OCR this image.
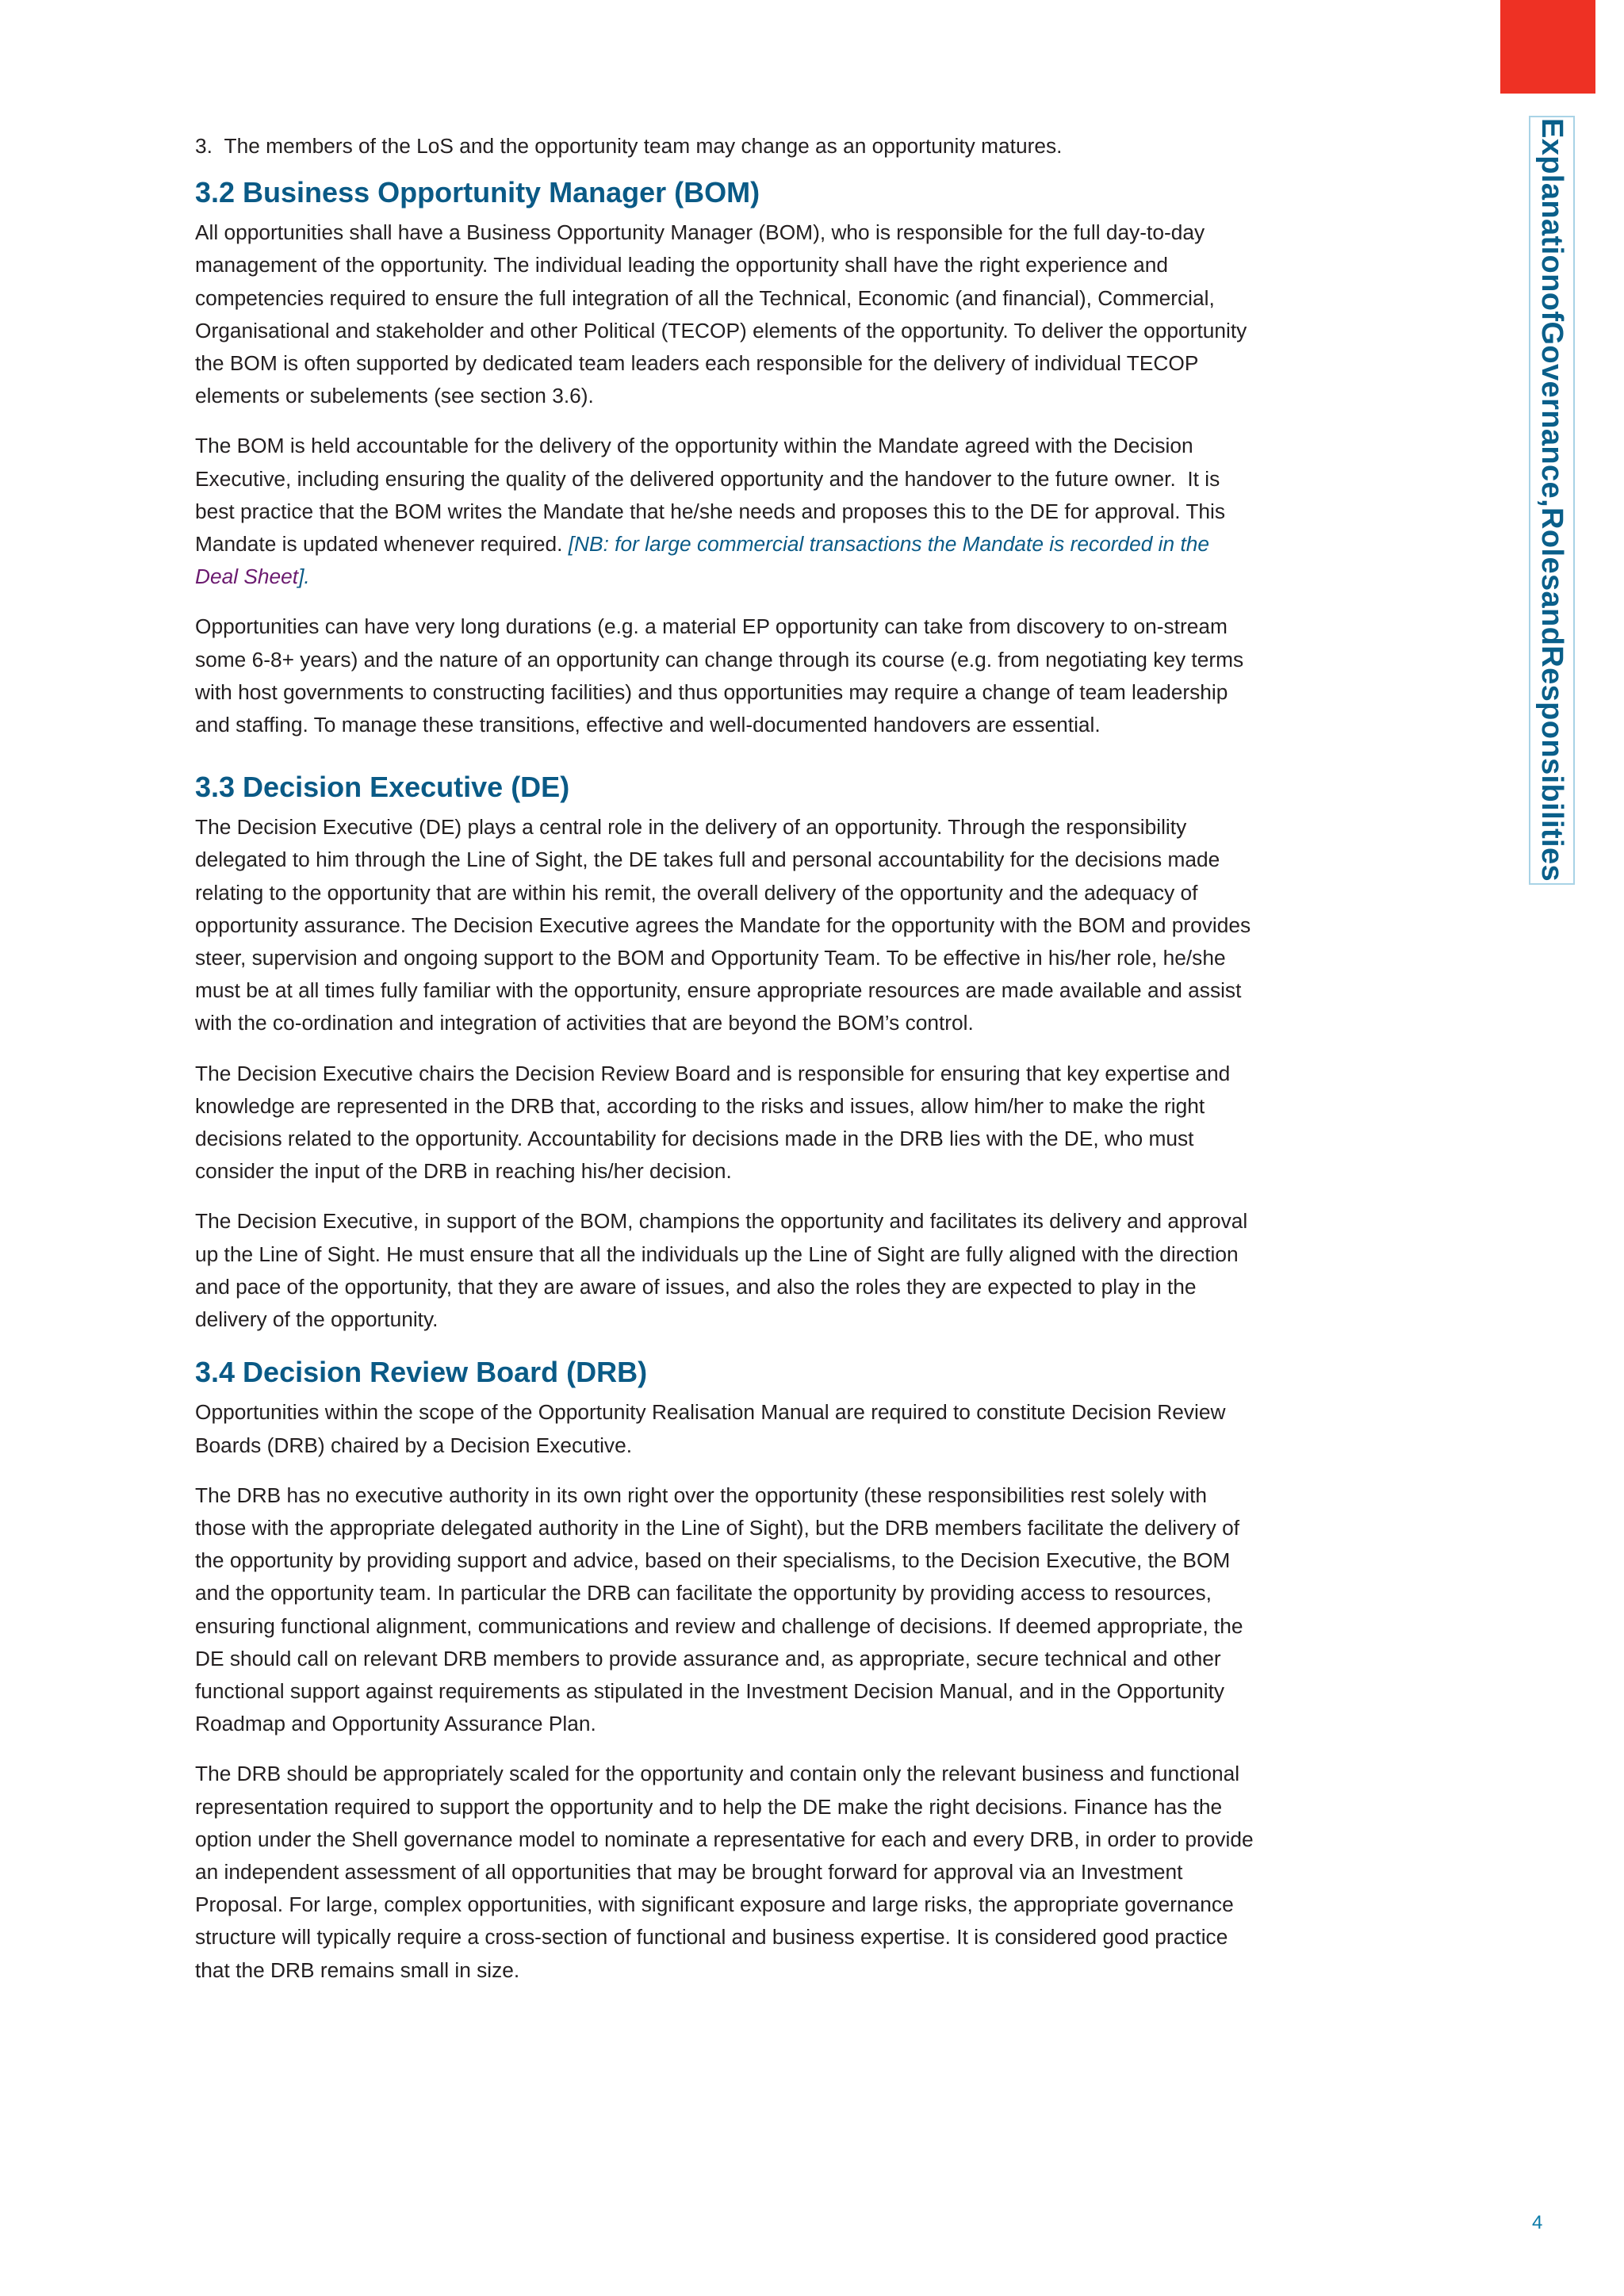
ExplanationofGovernance,RolesandResponsibilities

3.  The members of the LoS and the opportunity team may change as an opportunity matures.

3.2 Business Opportunity Manager (BOM)

All opportunities shall have a Business Opportunity Manager (BOM), who is responsible for the full day-to-day management of the opportunity. The individual leading the opportunity shall have the right experience and competencies required to ensure the full integration of all the Technical, Economic (and financial), Commercial, Organisational and stakeholder and other Political (TECOP) elements of the opportunity. To deliver the opportunity the BOM is often supported by dedicated team leaders each responsible for the delivery of individual TECOP elements or subelements (see section 3.6).

The BOM is held accountable for the delivery of the opportunity within the Mandate agreed with the Decision Executive, including ensuring the quality of the delivered opportunity and the handover to the future owner.  It is best practice that the BOM writes the Mandate that he/she needs and proposes this to the DE for approval. This Mandate is updated whenever required. [NB: for large commercial transactions the Mandate is recorded in the Deal Sheet].

Opportunities can have very long durations (e.g. a material EP opportunity can take from discovery to on-stream some 6-8+ years) and the nature of an opportunity can change through its course (e.g. from negotiating key terms with host governments to constructing facilities) and thus opportunities may require a change of team leadership and staffing. To manage these transitions, effective and well-documented handovers are essential.

3.3 Decision Executive (DE)

The Decision Executive (DE) plays a central role in the delivery of an opportunity. Through the responsibility delegated to him through the Line of Sight, the DE takes full and personal accountability for the decisions made relating to the opportunity that are within his remit, the overall delivery of the opportunity and the adequacy of opportunity assurance. The Decision Executive agrees the Mandate for the opportunity with the BOM and provides steer, supervision and ongoing support to the BOM and Opportunity Team. To be effective in his/her role, he/she must be at all times fully familiar with the opportunity, ensure appropriate resources are made available and assist with the co-ordination and integration of activities that are beyond the BOM’s control.

The Decision Executive chairs the Decision Review Board and is responsible for ensuring that key expertise and knowledge are represented in the DRB that, according to the risks and issues, allow him/her to make the right decisions related to the opportunity. Accountability for decisions made in the DRB lies with the DE, who must consider the input of the DRB in reaching his/her decision.

The Decision Executive, in support of the BOM, champions the opportunity and facilitates its delivery and approval up the Line of Sight. He must ensure that all the individuals up the Line of Sight are fully aligned with the direction and pace of the opportunity, that they are aware of issues, and also the roles they are expected to play in the delivery of the opportunity.

3.4 Decision Review Board (DRB)

Opportunities within the scope of the Opportunity Realisation Manual are required to constitute Decision Review Boards (DRB) chaired by a Decision Executive.

The DRB has no executive authority in its own right over the opportunity (these responsibilities rest solely with those with the appropriate delegated authority in the Line of Sight), but the DRB members facilitate the delivery of the opportunity by providing support and advice, based on their specialisms, to the Decision Executive, the BOM and the opportunity team. In particular the DRB can facilitate the opportunity by providing access to resources, ensuring functional alignment, communications and review and challenge of decisions. If deemed appropriate, the DE should call on relevant DRB members to provide assurance and, as appropriate, secure technical and other functional support against requirements as stipulated in the Investment Decision Manual, and in the Opportunity Roadmap and Opportunity Assurance Plan.

The DRB should be appropriately scaled for the opportunity and contain only the relevant business and functional representation required to support the opportunity and to help the DE make the right decisions. Finance has the option under the Shell governance model to nominate a representative for each and every DRB, in order to provide an independent assessment of all opportunities that may be brought forward for approval via an Investment Proposal. For large, complex opportunities, with significant exposure and large risks, the appropriate governance structure will typically require a cross-section of functional and business expertise. It is considered good practice that the DRB remains small in size.

4
